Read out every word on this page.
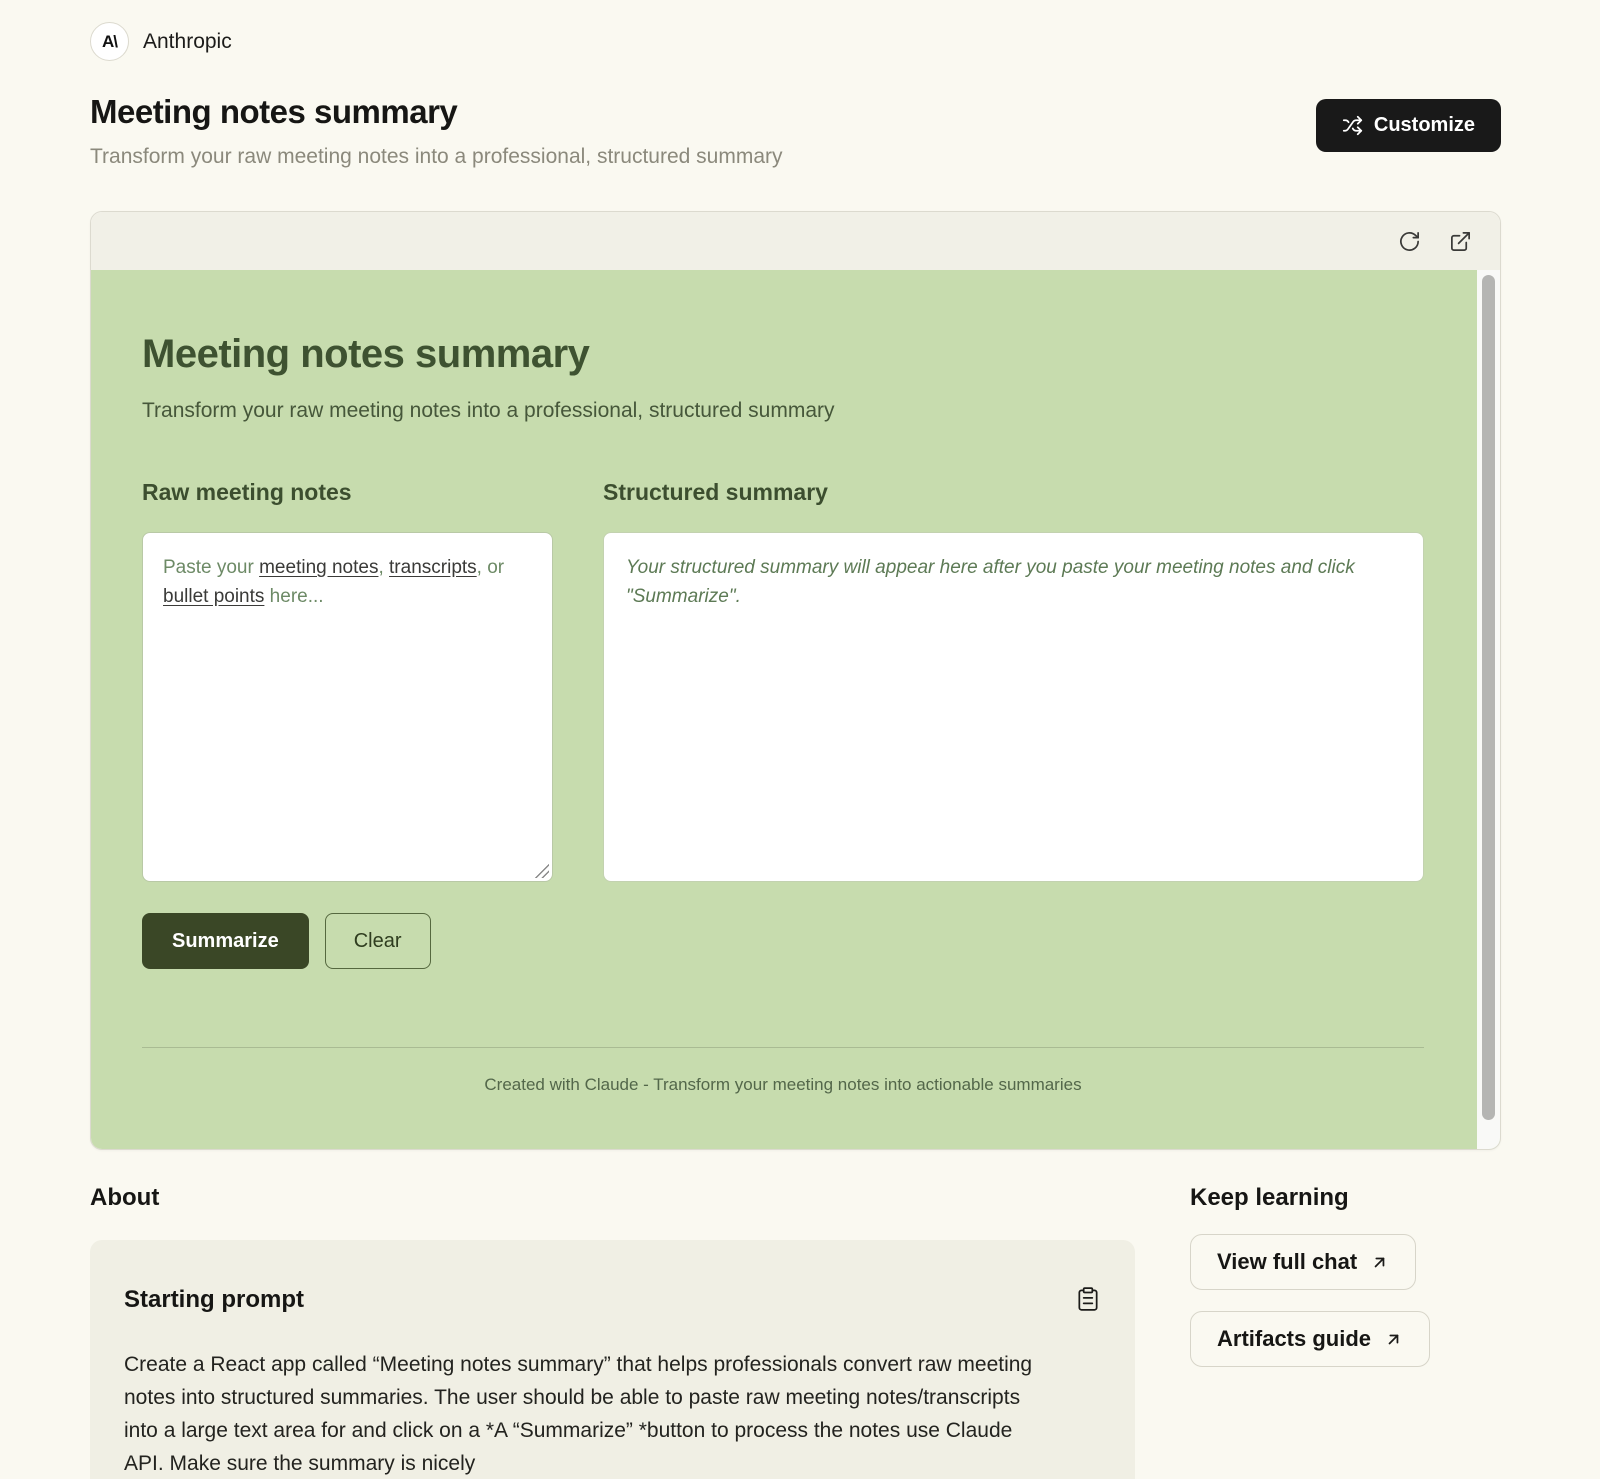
A\	Anthropic
Meeting notes summary
Transform your raw meeting notes into a professional, structured summary
Customize
Meeting notes summary
Transform your raw meeting notes into a professional, structured summary
Raw meeting notes
Paste your meeting notes, transcripts, or bullet points here...
Structured summary
Your structured summary will appear here after you paste your meeting notes and click "Summarize".
Summarize	Clear
Created with Claude - Transform your meeting notes into actionable summaries
About
Starting prompt
Create a React app called “Meeting notes summary” that helps professionals convert raw meeting notes into structured summaries. The user should be able to paste raw meeting notes/transcripts into a large text area for and click on a *A “Summarize” *button to process the notes use Claude API. Make sure the summary is nicely
Keep learning
View full chat
Artifacts guide
